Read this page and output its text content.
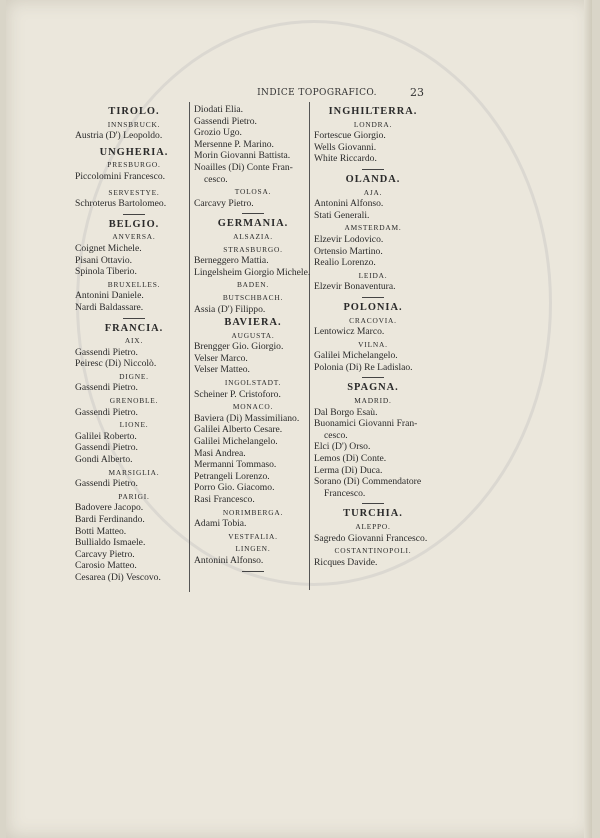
INDICE TOPOGRAFICO.	23
TIROLO.
INNSBRUCK.
Austria (D') Leopoldo.
UNGHERIA.
PRESBURGO.
Piccolomini Francesco.
SERVESTYE.
Schroterus Bartolomeo.
BELGIO.
ANVERSA.
Coignet Michele.
Pisani Ottavio.
Spinola Tiberio.
BRUXELLES.
Antonini Daniele.
Nardi Baldassare.
FRANCIA.
AIX.
Gassendi Pietro.
Peiresc (Di) Niccolò.
DIGNE.
Gassendi Pietro.
GRENOBLE.
Gassendi Pietro.
LIONE.
Galilei Roberto.
Gassendi Pietro.
Gondi Alberto.
MARSIGLIA.
Gassendi Pietro.
PARIGI.
Badovere Jacopo.
Bardi Ferdinando.
Botti Matteo.
Bullialdo Ismaele.
Carcavy Pietro.
Carosio Matteo.
Cesarea (Di) Vescovo.
Diodati Elia.
Gassendi Pietro.
Grozio Ugo.
Mersenne P. Marino.
Morin Giovanni Battista.
Noailles (Di) Conte Fran-
cesco.
TOLOSA.
Carcavy Pietro.
GERMANIA.
ALSAZIA.
STRASBURGO.
Berneggero Mattia.
Lingelsheim Giorgio Michele.
BADEN.
BUTSCHBACH.
Assia (D') Filippo.
BAVIERA.
AUGUSTA.
Brengger Gio. Giorgio.
Velser Marco.
Velser Matteo.
INGOLSTADT.
Scheiner P. Cristoforo.
MONACO.
Baviera (Di) Massimiliano.
Galilei Alberto Cesare.
Galilei Michelangelo.
Masi Andrea.
Mermanni Tommaso.
Petrangeli Lorenzo.
Porro Gio. Giacomo.
Rasi Francesco.
NORIMBERGA.
Adami Tobia.
VESTFALIA.
LINGEN.
Antonini Alfonso.
INGHILTERRA.
LONDRA.
Fortescue Giorgio.
Wells Giovanni.
White Riccardo.
OLANDA.
AJA.
Antonini Alfonso.
Stati Generali.
AMSTERDAM.
Elzevir Lodovico.
Ortensio Martino.
Realio Lorenzo.
LEIDA.
Elzevir Bonaventura.
POLONIA.
CRACOVIA.
Lentowicz Marco.
VILNA.
Galilei Michelangelo.
Polonia (Di) Re Ladislao.
SPAGNA.
MADRID.
Dal Borgo Esaù.
Buonamici Giovanni Fran-
cesco.
Elci (D') Orso.
Lemos (Di) Conte.
Lerma (Di) Duca.
Sorano (Di) Commendatore
Francesco.
TURCHIA.
ALEPPO.
Sagredo Giovanni Francesco.
COSTANTINOPOLI.
Ricques Davide.
